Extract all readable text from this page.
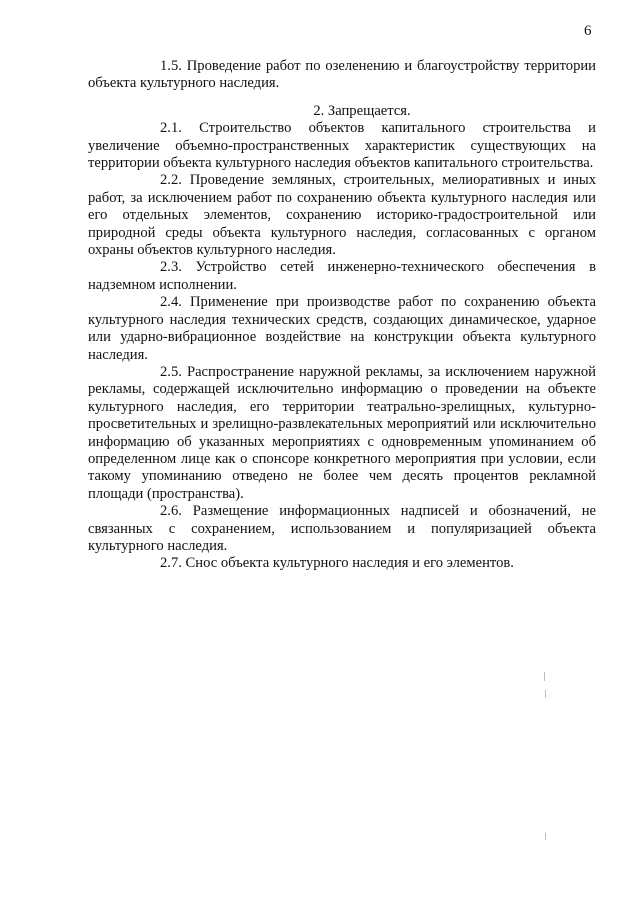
6

1.5. Проведение работ по озеленению и благоустройству территории объекта культурного наследия.

2. Запрещается.

2.1. Строительство объектов капитального строительства и увеличение объемно-пространственных характеристик существующих на территории объекта культурного наследия объектов капитального строительства.

2.2. Проведение земляных, строительных, мелиоративных и иных работ, за исключением работ по сохранению объекта культурного наследия или его отдельных элементов, сохранению историко-градостроительной или природной среды объекта культурного наследия, согласованных с органом охраны объектов культурного наследия.

2.3. Устройство сетей инженерно-технического обеспечения в надземном исполнении.

2.4. Применение при производстве работ по сохранению объекта культурного наследия технических средств, создающих динамическое, ударное или ударно-вибрационное воздействие на конструкции объекта культурного наследия.

2.5. Распространение наружной рекламы, за исключением наружной рекламы, содержащей исключительно информацию о проведении на объекте культурного наследия, его территории театрально-зрелищных, культурно-просветительных и зрелищно-развлекательных мероприятий или исключительно информацию об указанных мероприятиях с одновременным упоминанием об определенном лице как о спонсоре конкретного мероприятия при условии, если такому упоминанию отведено не более чем десять процентов рекламной площади (пространства).

2.6. Размещение информационных надписей и обозначений, не связанных с сохранением, использованием и популяризацией объекта культурного наследия.

2.7. Снос объекта культурного наследия и его элементов.
